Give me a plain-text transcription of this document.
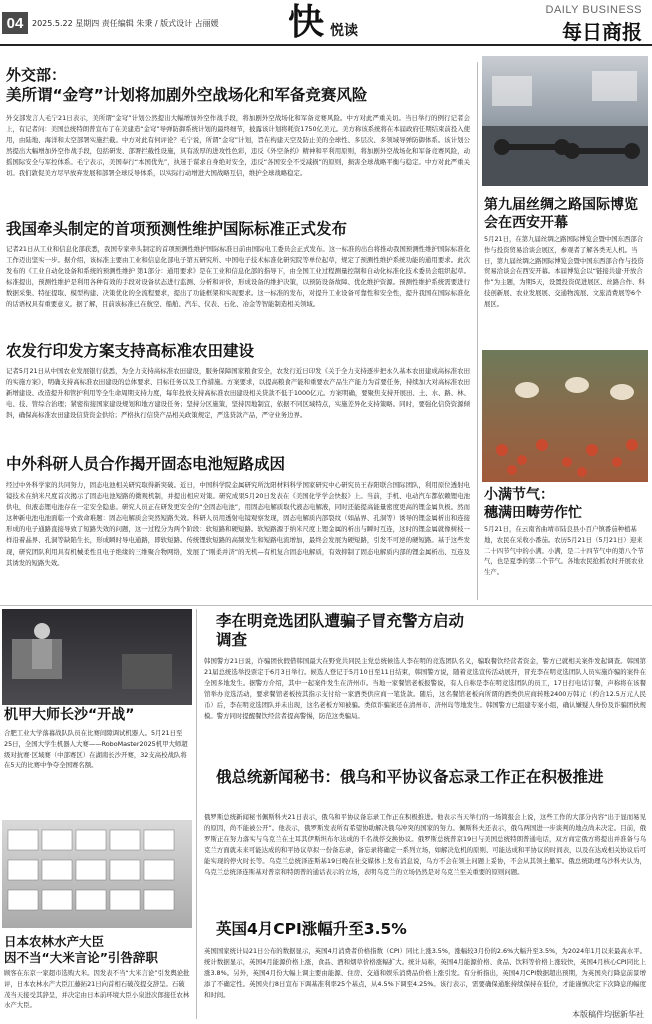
04	2025.5.22 星期四 责任编辑 朱秉 / 版式设计 占丽媛 快 悦读
DAILY BUSINESS
每日商报
外交部：
美所谓“金穹”计划将加剧外空战场化和军备竞赛风险
外交部发言人毛宁21日表示，美所谓“金穹”计划公然提出大幅增加外空作战手段，将加剧外空战场化和军备竞赛风险。中方对此严重关切。当日举行的例行记者会上，有记者问：美国总统特朗普宣布了在美建造“金穹”导弹防御系统计划的最终细节，披露该计划将耗资1750亿美元。美方称该系统将在本届政府任期结束前投入使用，由陆地、海洋和太空部署实施拦截。中方对此有何评论？毛宁说，所谓“金穹”计划，旨在构建天空及防止美的全球性、多层次、多领域导弹防御体系。该计划公然提出大幅增加外空作战手段，包括研发、部署拦截性设施，具有浓厚的进攻性色彩，违反《外空条约》精神和平利用原则，将加剧外空战场化和军备竞赛风险，动摇国际安全与军控体系。毛宁表示，美国奉行“本国优先”，执迷于谋求自身绝对安全，违反“各国安全不受减损”的原则，损害全球战略平衡与稳定。中方对此严重关切。我们敦促美方尽早放弃发展和部署全球反导体系，以实际行动增进大国战略互信，维护全球战略稳定。
我国牵头制定的首项预测性维护国际标准正式发布
记者21日从工业和信息化部获悉，我国专家牵头制定的首项预测性维护国际标准日前由国际电工委员会正式发布。这一标准的出台将推动我国预测性维护国际标准化工作迈出坚实一步。据介绍，该标准主要由工业和信息化部电子第五研究所、中国电子技术标准化研究院等单位起草，规定了预测性维护系统功能的通用要求。此次发布的《工业自动化设备和系统的预测性维护 第1部分：通用要求》是在工业和信息化部的指导下，由全国工业过程测量控制和自动化标准化技术委员会组织起草。标准提出，预测性维护是利用各种有效的手段对设备状态进行监测、分析和评价，形成设备的维护决策，以预防设备故障、优化维护资源。预测性维护系统需要进行数据采集、特征提取、模型构建、决策优化的全流程要求，提出了功能框架和实现要求。这一标准的发布，对提升工业设备可靠性和安全性，提升我国在国际标准化的话语权具有重要意义。据了解，目前该标准已在航空、船舶、汽车、仪表、石化、冶金等智能制造相关领域。
农发行印发方案支持高标准农田建设
记者5月21日从中国农业发展银行获悉，为全力支持高标准农田建设，服务保障国家粮食安全，农发行近日印发《关于全力支持逐步把永久基本农田建成高标准农田的实施方案》，明确支持高标准农田建设的总体要求、目标任务以及工作措施。方案要求，以提高粮食产能和重要农产品生产能力为首要任务，持续加大对高标准农田新增建设、改造提升和管护利用等全生命周期支持力度，每年投放支持高标准农田建设相关贷款不低于1000亿元。方案明确，要聚焦支持开展田、土、水、路、林、电、技、管综合治理；紧密衔接国家建设规划和地方建设任务；坚持分区施策，坚持因地制宜，依据不同区域特点，实施差异化支持策略。同时，要强化信贷资源倾斜，确保高标准农田建设信贷资金供给；严格执行信贷产品相关政策规定，严选贷款产品，严守业务边界。
中外科研人员合作揭开固态电池短路成因
经过中外科学家的共同努力，固态电池相关研究取得新突破。近日，中国科学院金属研究所沈阳材料科学国家研究中心研究员王春阳联合国际团队，利用原位透射电镜技术在纳米尺度首次揭示了固态电池短路的微观机制，并提出相应对策。研究成果5月20日发表在《美国化学学会快报》上。当前，手机、电动汽车都依赖锂电池供电，但液态锂电池存在一定安全隐患。研究人员正在研发更安全的“全固态电池”，用固态电解质取代液态电解液，同时还能提高能量密度更高的锂金属负极。然而这种新电池电池面临一个致命难题：固态电解质会突然短路失效。科研人员用透射电镜观察发现，固态电解质内部裂纹（如晶界、孔洞等）诱导的锂金属析出和连接形成的电子通路直接导致了短路失效的问题，这一过程分为两个阶段：软短路和硬短路。软短路源于纳米尺度上锂金属的析出与瞬时互连，这时的锂金属就像树枝一样沿着晶界、孔洞等缺陷生长，形成瞬时导电通路，即软短路。传统锂软短路的高频发生和短路电流增加，最终会发展为硬短路，引发不可逆的硬短路。基于这些发现，研究团队利用具有机械柔性且电子绝缘的三维聚合物网络，发展了“刚柔并济”的无机—有机复合固态电解质，有效抑制了固态电解质内部的锂金属析出、互连及其诱发的短路失效。
第九届丝绸之路国际博览会在西安开幕
5月21日，在第九届丝绸之路国际博览会暨中国东西部合作与投资贸易洽谈会展区，参观者了解各类无人机。当日，第九届丝绸之路国际博览会暨中国东西部合作与投资贸易洽谈会在西安开幕。本届博览会以“链接共建·开放合作”为主题，为期5天，设置投资促进展区、丝路合作、科技创新展、农业发展展、交通物流展、文旅消费展等6个展区。
小满节气：
穗满田畴劳作忙
5月21日，在云南省曲靖市陆良县小百户镇番茄种植基地，农民在采收小番茄。农历5月21日（5月21日）迎来二十四节气中的小满。小满，是二十四节气中的第八个节气，也是夏季的第二个节气。各地农民抢抓农时开展农业生产。
机甲大师长沙“开战”
合肥工业大学落幕战队队员在比赛间隙调试机器人。5月21日至25日，全国大学生机器人大赛——RoboMaster2025机甲大师超级对抗赛·区域赛（中部赛区）在湖南长沙开赛，32支高校战队将在5天的比赛中争夺全国赛名额。
日本农林水产大臣
因不当“大米言论”引咎辞职
顾客在东京一家超市选购大米。因发表不当“大米言论”引发舆论批评，日本农林水产大臣江藤拓21日向首相石破茂提交辞呈。石破茂当天接受其辞呈，并决定由日本前环境大臣小泉进次郎接任农林水产大臣。
李在明竞选团队遭骗子冒充警方启动调查
韩国警方21日说，诈骗团伙假借韩国最大在野党共同民主党总统候选人李在明的竞选团队名义，骗取餐饮经营者资金，警方已就相关案件发起调查。韩国第21届总统选举投票定于6月3日举行。候选人登记于5月10日至11日结束，韩国警方说，随着竞选宣传活动展开，冒充李在明竞选团队人员实施诈骗的案件在全国多地发生。据警方介绍，其中一起案件发生在济州市。当地一家餐馆老板报警说，有人自称是李在明竞选团队的员工，17日打电话订餐，声称将在该餐馆举办竞选活动，要求餐馆老板按其指示支付给一家酒类供应商一笔货款。随后，这名餐馆老板向所谓的酒类供应商转账2400万韩元（约合12.5万元人民币）后，李在明竞选团队并未出现，这名老板方知被骗。类似诈骗案还在清州市、济州岛等地发生。韩国警方已组建专案小组，确认嫌疑人身份及诈骗团伙规模。警方同时提醒餐饮经营者提高警惕，防范这类骗局。
俄总统新闻秘书：俄乌和平协议备忘录工作正在积极推进
俄罗斯总统新闻秘书佩斯科夫21日表示，俄乌和平协议备忘录工作正在积极推进。他表示当天举行的一场简报会上说，这些工作的大部分内容“出于显而易见的原因，尚不能被公开”。他表示，俄罗斯发表所有希望协助解决俄乌冲突的国家的努力。佩斯科夫还表示，俄乌两国进一步谈判的地点尚未决定。目前，俄罗斯正在努力落实与乌克兰在土耳其伊斯坦布尔达成的千名战俘交换协议。俄罗斯总统普京19日与美国总统特朗普通电话，双方商定俄方将提出并准备与乌克兰方面就未来可能达成的和平协议草拟一份备忘录，备忘录将确定一系列立场，如解决危机的原则、可能达成和平协议的时间表，以及在达成相关协议后可能实现的停火时长等。乌克兰总统泽连斯基19日晚在社交媒体上发布消息说，乌方不会在领土问题上妥协，不会从其领土撤军。俄总统助理乌沙科夫认为，乌克兰总统泽连斯基对普京和特朗普的通话表示的立场，表明乌克兰的立场仍然是对乌克兰至关重要的原则问题。
英国4月CPI涨幅升至3.5%
英国国家统计局21日公布的数据显示，英国4月消费者价格指数（CPI）同比上涨3.5%，涨幅较3月份的2.6%大幅升至3.5%，为2024年1月以来最高水平。统计数据显示，英国4月能源价格上涨，食品、酒和烟草价格涨幅扩大。统计局称，英国4月能源价格、食品、饮料等价格上涨较快，英国4月核心CPI同比上涨3.8%。另外，英国4月份大幅上调主要由能源、住房、交通和娱乐消费品价格上涨引发。有分析指出，英国4月CPI数据超出预期，为英国央行降息前景增添了不确定性。英国央行8日宣布下调基准利率25个基点，从4.5%下调至4.25%。该行表示，需要确保通胀持续保持在低位，才能谨慎决定下次降息的幅度和时间。
本版稿件均据新华社
